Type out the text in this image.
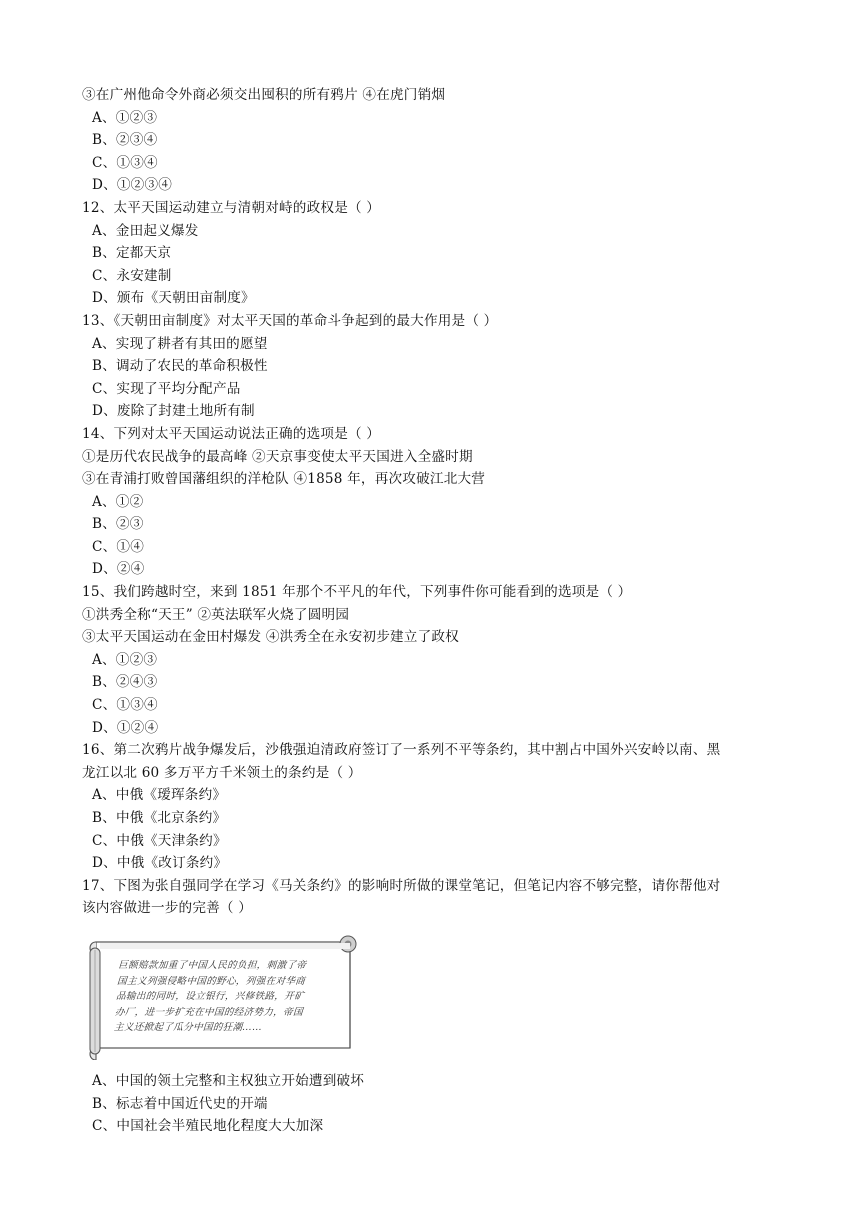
③在广州他命令外商必须交出囤积的所有鸦片 ④在虎门销烟
A、①②③
B、②③④
C、①③④
D、①②③④
12、太平天国运动建立与清朝对峙的政权是（ ）
A、金田起义爆发
B、定都天京
C、永安建制
D、颁布《天朝田亩制度》
13、《天朝田亩制度》对太平天国的革命斗争起到的最大作用是（ ）
A、实现了耕者有其田的愿望
B、调动了农民的革命积极性
C、实现了平均分配产品
D、废除了封建土地所有制
14、下列对太平天国运动说法正确的选项是（ ）
①是历代农民战争的最高峰 ②天京事变使太平天国进入全盛时期
③在青浦打败曾国藩组织的洋枪队 ④1858 年，再次攻破江北大营
A、①②
B、②③
C、①④
D、②④
15、我们跨越时空，来到 1851 年那个不平凡的年代，下列事件你可能看到的选项是（ ）
①洪秀全称“天王” ②英法联军火烧了圆明园
③太平天国运动在金田村爆发 ④洪秀全在永安初步建立了政权
A、①②③
B、②④③
C、①③④
D、①②④
16、第二次鸦片战争爆发后，沙俄强迫清政府签订了一系列不平等条约，其中割占中国外兴安岭以南、黑
龙江以北 60 多万平方千米领土的条约是（ ）
A、中俄《瑷珲条约》
B、中俄《北京条约》
C、中俄《天津条约》
D、中俄《改订条约》
17、下图为张自强同学在学习《马关条约》的影响时所做的课堂笔记，但笔记内容不够完整，请你帮他对
该内容做进一步的完善（ ）
巨额赔款加重了中国人民的负担，刺激了帝
国主义列强侵略中国的野心，列强在对华商
品输出的同时，设立银行，兴修铁路，开矿
办厂，进一步扩充在中国的经济势力，帝国
主义还掀起了瓜分中国的狂潮……
A、中国的领土完整和主权独立开始遭到破坏
B、标志着中国近代史的开端
C、中国社会半殖民地化程度大大加深
